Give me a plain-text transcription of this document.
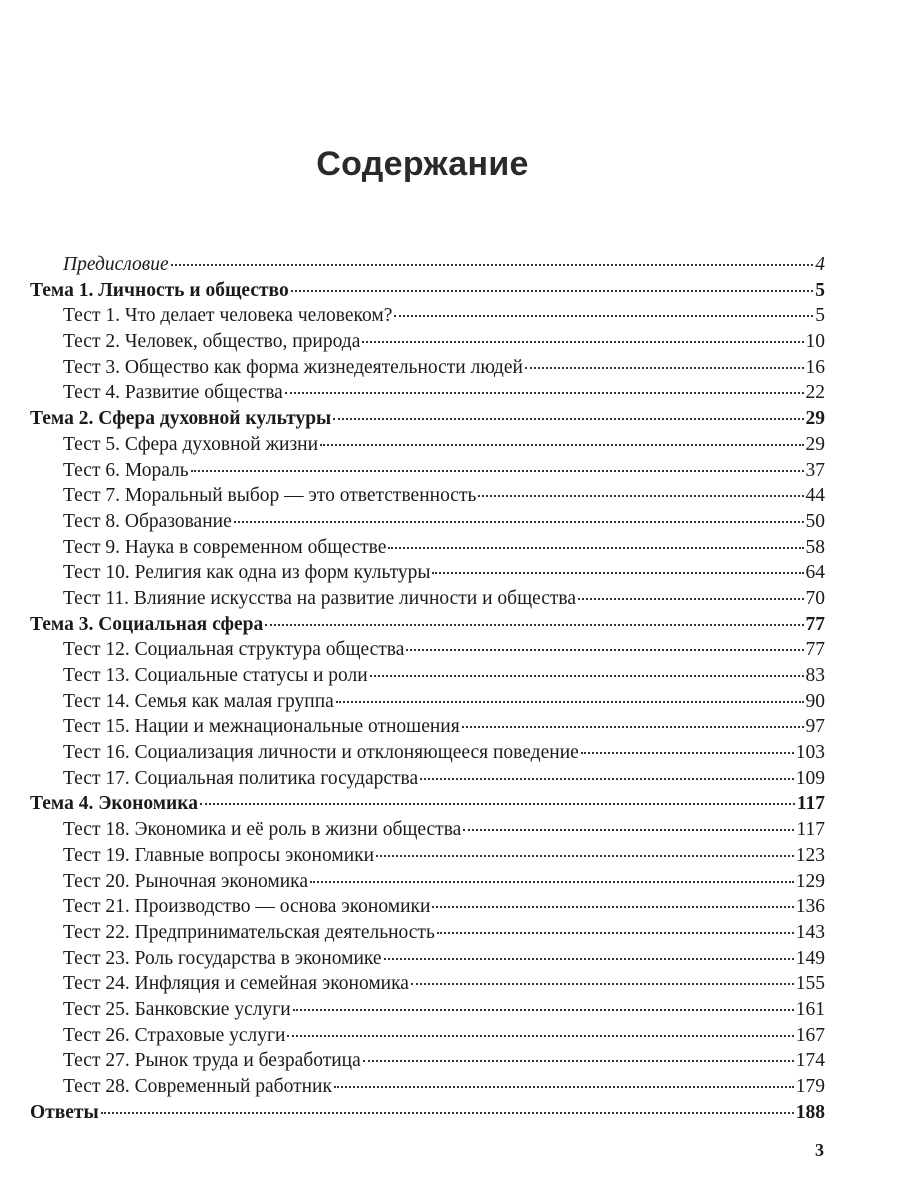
Содержание
Предисловие	4
Тема 1. Личность и общество	5
Тест 1. Что делает человека человеком?	5
Тест 2. Человек, общество, природа	10
Тест 3. Общество как форма жизнедеятельности людей	16
Тест 4. Развитие общества	22
Тема 2. Сфера духовной культуры	29
Тест 5. Сфера духовной жизни	29
Тест 6. Мораль	37
Тест 7. Моральный выбор — это ответственность	44
Тест 8. Образование	50
Тест 9. Наука в современном обществе	58
Тест 10. Религия как одна из форм культуры	64
Тест 11. Влияние искусства на развитие личности и общества	70
Тема 3. Социальная сфера	77
Тест 12. Социальная структура общества	77
Тест 13. Социальные статусы и роли	83
Тест 14. Семья как малая группа	90
Тест 15. Нации и межнациональные отношения	97
Тест 16. Социализация личности и отклоняющееся поведение	103
Тест 17. Социальная политика государства	109
Тема 4. Экономика	117
Тест 18. Экономика и её роль в жизни общества	117
Тест 19. Главные вопросы экономики	123
Тест 20. Рыночная экономика	129
Тест 21. Производство — основа экономики	136
Тест 22. Предпринимательская деятельность	143
Тест 23. Роль государства в экономике	149
Тест 24. Инфляция и семейная экономика	155
Тест 25. Банковские услуги	161
Тест 26. Страховые услуги	167
Тест 27. Рынок труда и безработица	174
Тест 28. Современный работник	179
Ответы	188
3
